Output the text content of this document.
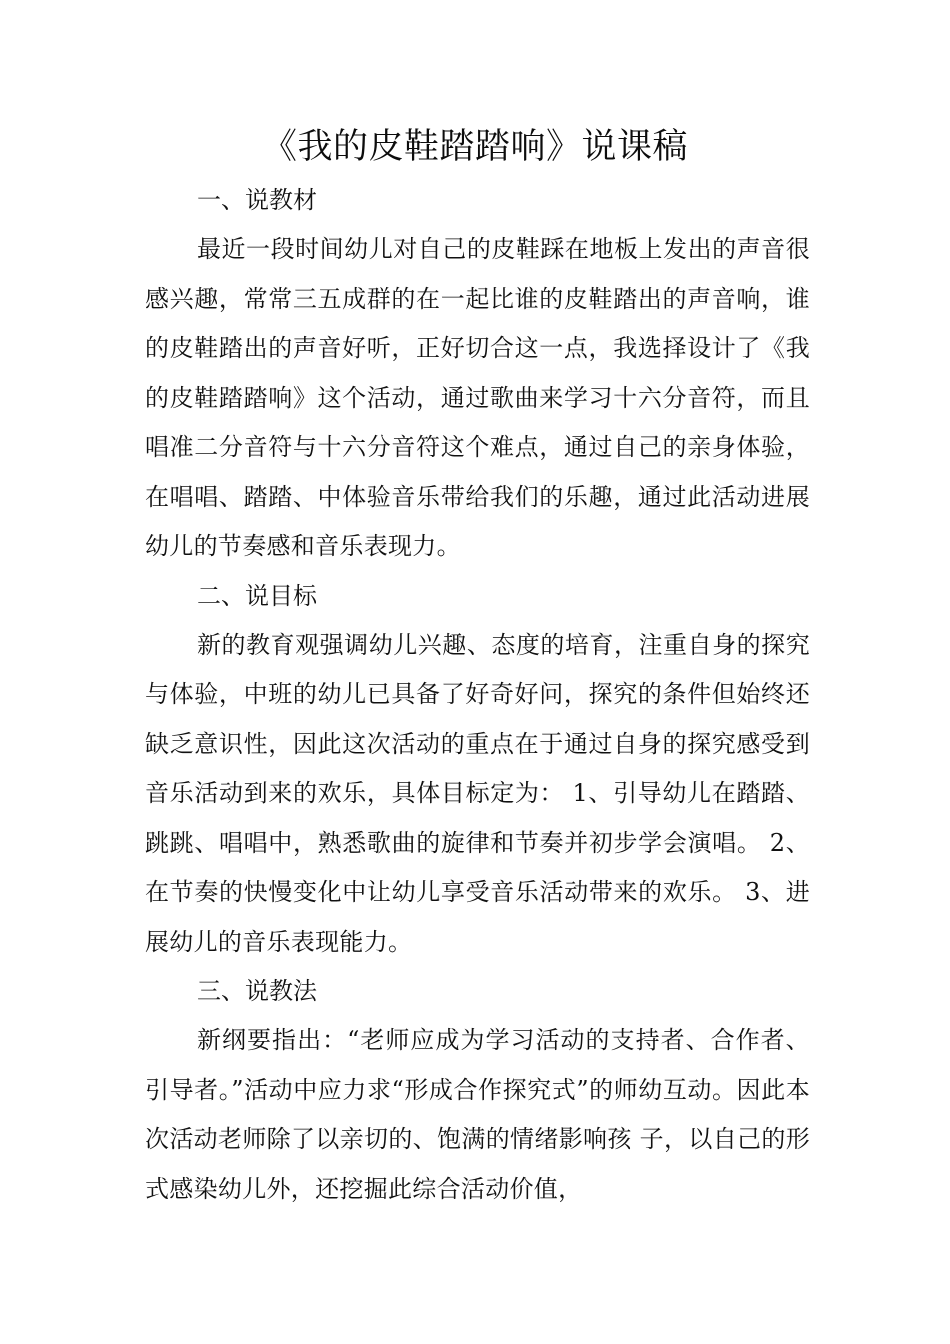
《我的皮鞋踏踏响》说课稿
一、说教材

最近一段时间幼儿对自己的皮鞋踩在地板上发出的声音很感兴趣，常常三五成群的在一起比谁的皮鞋踏出的声音响，谁的皮鞋踏出的声音好听，正好切合这一点，我选择设计了《我的皮鞋踏踏响》这个活动，通过歌曲来学习十六分音符，而且唱准二分音符与十六分音符这个难点，通过自己的亲身体验，在唱唱、踏踏、中体验音乐带给我们的乐趣，通过此活动进展幼儿的节奏感和音乐表现力。

二、说目标

新的教育观强调幼儿兴趣、态度的培育，注重自身的探究与体验，中班的幼儿已具备了好奇好问，探究的条件但始终还缺乏意识性，因此这次活动的重点在于通过自身的探究感受到音乐活动到来的欢乐，具体目标定为： 1、引导幼儿在踏踏、跳跳、唱唱中，熟悉歌曲的旋律和节奏并初步学会演唱。 2、在节奏的快慢变化中让幼儿享受音乐活动带来的欢乐。 3、进展幼儿的音乐表现能力。

三、说教法

新纲要指出：“老师应成为学习活动的支持者、合作者、引导者。”活动中应力求“形成合作探究式”的师幼互动。因此本次活动老师除了以亲切的、饱满的情绪影响孩 子，以自己的形式感染幼儿外，还挖掘此综合活动价值，
